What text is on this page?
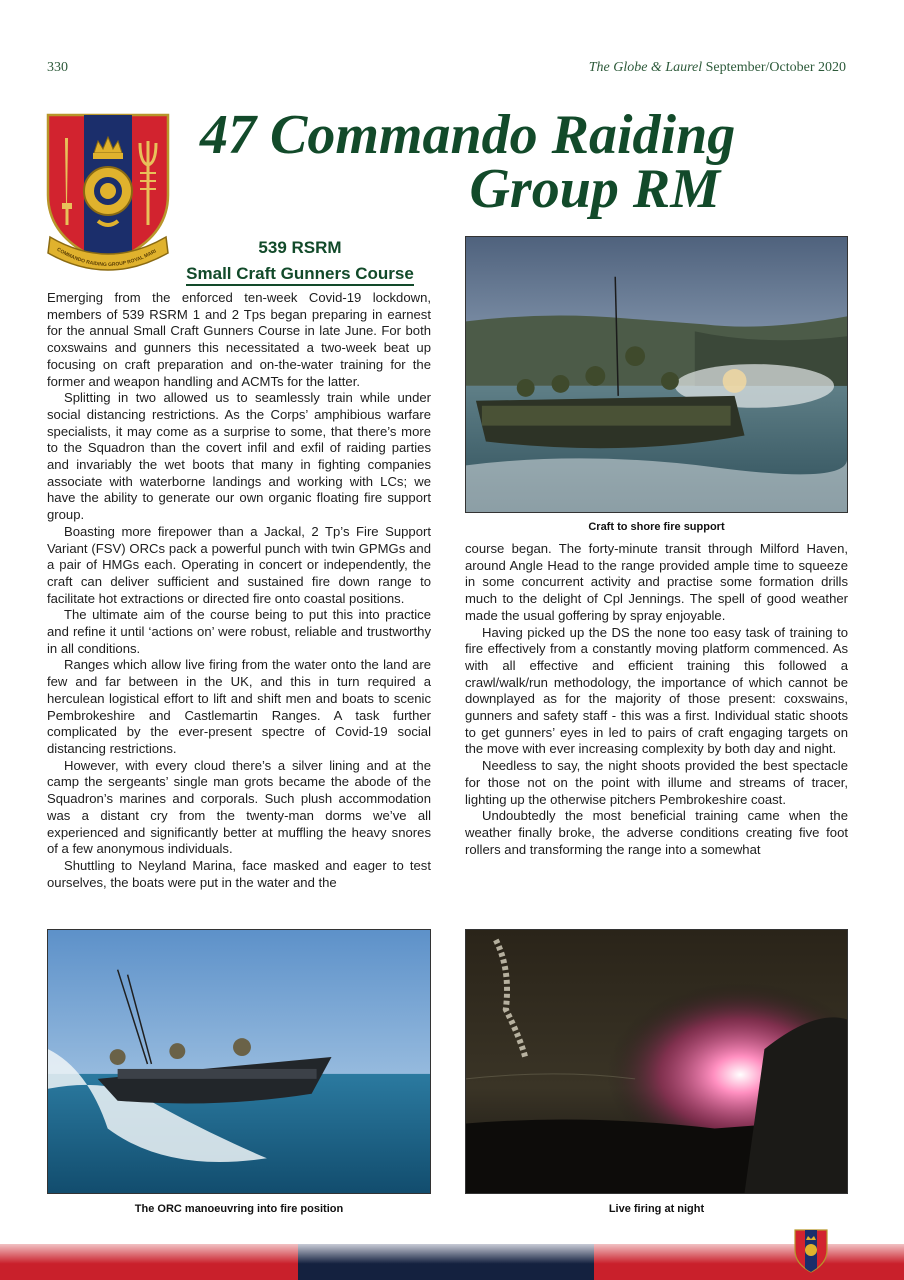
330	The Globe & Laurel September/October 2020
COMMANDO RAIDING GROUP ROYAL MARI
47 Commando Raiding
Group RM
539 RSRM
Small Craft Gunners Course

Emerging from the enforced ten-week Covid-19 lockdown, members of 539 RSRM 1 and 2 Tps began preparing in earnest for the annual Small Craft Gunners Course in late June. For both coxswains and gunners this necessitated a two-week beat up focusing on craft preparation and on-the-water training for the former and weapon handling and ACMTs for the latter.

Splitting in two allowed us to seamlessly train while under social distancing restrictions. As the Corps’ amphibious warfare specialists, it may come as a surprise to some, that there’s more to the Squadron than the covert infil and exfil of raiding parties and invariably the wet boots that many in fighting companies associate with waterborne landings and working with LCs; we have the ability to generate our own organic floating fire support group.

Boasting more firepower than a Jackal, 2 Tp’s Fire Support Variant (FSV) ORCs pack a powerful punch with twin GPMGs and a pair of HMGs each. Operating in concert or independently, the craft can deliver sufficient and sustained fire down range to facilitate hot extractions or directed fire onto coastal positions.

The ultimate aim of the course being to put this into practice and refine it until ‘actions on’ were robust, reliable and trustworthy in all conditions.

Ranges which allow live firing from the water onto the land are few and far between in the UK, and this in turn required a herculean logistical effort to lift and shift men and boats to scenic Pembrokeshire and Castlemartin Ranges. A task further complicated by the ever-present spectre of Covid-19 social distancing restrictions.

However, with every cloud there’s a silver lining and at the camp the sergeants’ single man grots became the abode of the Squadron’s marines and corporals. Such plush accommodation was a distant cry from the twenty-man dorms we’ve all experienced and significantly better at muffling the heavy snores of a few anonymous individuals.

Shuttling to Neyland Marina, face masked and eager to test ourselves, the boats were put in the water and the

course began. The forty-minute transit through Milford Haven, around Angle Head to the range provided ample time to squeeze in some concurrent activity and practise some formation drills much to the delight of Cpl Jennings. The spell of good weather made the usual goffering by spray enjoyable.

Having picked up the DS the none too easy task of training to fire effectively from a constantly moving platform commenced. As with all effective and efficient training this followed a crawl/walk/run methodology, the importance of which cannot be downplayed as for the majority of those present: coxswains, gunners and safety staff - this was a first. Individual static shoots to get gunners’ eyes in led to pairs of craft engaging targets on the move with ever increasing complexity by both day and night.

Needless to say, the night shoots provided the best spectacle for those not on the point with illume and streams of tracer, lighting up the otherwise pitchers Pembrokeshire coast.

Undoubtedly the most beneficial training came when the weather finally broke, the adverse conditions creating five foot rollers and transforming the range into a somewhat

Craft to shore fire support
The ORC manoeuvring into fire position	Live firing at night
